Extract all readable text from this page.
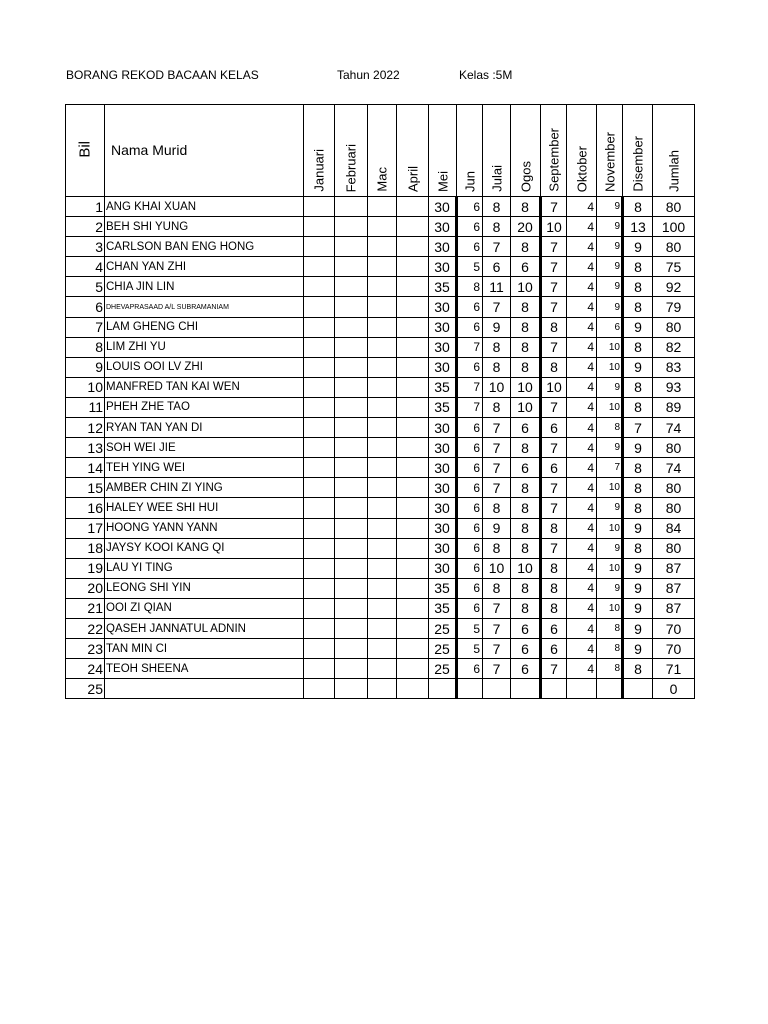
BORANG REKOD BACAAN KELAS	Tahun 2022	Kelas :5M
Bil	Nama Murid	Januari	Februari	Mac	April	Mei	Jun	Julai	Ogos	September	Oktober	November	Disember	Jumlah

1	ANG KHAI XUAN					30	6	8	8	7	4	9	8	80
2	BEH SHI YUNG					30	6	8	20	10	4	9	13	100
3	CARLSON BAN ENG HONG					30	6	7	8	7	4	9	9	80
4	CHAN YAN ZHI					30	5	6	6	7	4	9	8	75
5	CHIA JIN LIN					35	8	11	10	7	4	9	8	92
6	DHEVAPRASAAD A/L SUBRAMANIAM					30	6	7	8	7	4	9	8	79
7	LAM GHENG CHI					30	6	9	8	8	4	6	9	80
8	LIM ZHI YU					30	7	8	8	7	4	10	8	82
9	LOUIS OOI LV ZHI					30	6	8	8	8	4	10	9	83
10	MANFRED TAN KAI WEN					35	7	10	10	10	4	9	8	93
11	PHEH ZHE TAO					35	7	8	10	7	4	10	8	89
12	RYAN TAN YAN DI					30	6	7	6	6	4	8	7	74
13	SOH WEI JIE					30	6	7	8	7	4	9	9	80
14	TEH YING WEI					30	6	7	6	6	4	7	8	74
15	AMBER CHIN ZI YING					30	6	7	8	7	4	10	8	80
16	HALEY WEE SHI HUI					30	6	8	8	7	4	9	8	80
17	HOONG YANN YANN					30	6	9	8	8	4	10	9	84
18	JAYSY KOOI KANG QI					30	6	8	8	7	4	9	8	80
19	LAU YI TING					30	6	10	10	8	4	10	9	87
20	LEONG SHI YIN					35	6	8	8	8	4	9	9	87
21	OOI ZI QIAN					35	6	7	8	8	4	10	9	87
22	QASEH JANNATUL ADNIN					25	5	7	6	6	4	8	9	70
23	TAN MIN CI					25	5	7	6	6	4	8	9	70
24	TEOH SHEENA					25	6	7	6	7	4	8	8	71
25														0
